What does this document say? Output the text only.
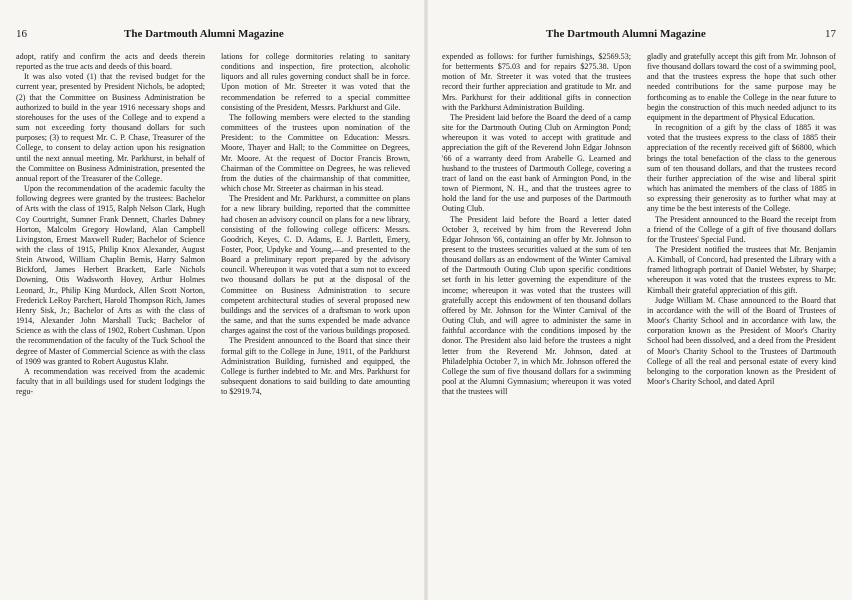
16	The Dartmouth Alumni Magazine

adopt, ratify and confirm the acts and deeds therein reported as the true acts and deeds of this board.

It was also voted (1) that the revised budget for the current year, presented by President Nichols, be adopted; (2) that the Committee on Business Administration be authorized to build in the year 1916 necessary shops and storehouses for the uses of the College and to expend a sum not exceeding forty thousand dollars for such purposes; (3) to request Mr. C. P. Chase, Treasurer of the College, to consent to delay action upon his resignation until the next annual meeting. Mr. Parkhurst, in behalf of the Committee on Business Administration, presented the annual report of the Treasurer of the College.

Upon the recommendation of the academic faculty the following degrees were granted by the trustees: Bachelor of Arts with the class of 1915, Ralph Nelson Clark, Hugh Coy Courtright, Sumner Frank Dennett, Charles Dabney Horton, Malcolm Gregory Howland, Alan Campbell Livingston, Ernest Maxwell Ruder; Bachelor of Science with the class of 1915, Philip Knox Alexander, August Stein Atwood, William Chaplin Bemis, Harry Salmon Bickford, James Herbert Brackett, Earle Nichols Downing, Otis Wadsworth Hovey, Arthur Holmes Leonard, Jr., Philip King Murdock, Allen Scott Norton, Frederick LeRoy Parchert, Harold Thompson Rich, James Henry Sisk, Jr.; Bachelor of Arts as with the class of 1914, Alexander John Marshall Tuck; Bachelor of Science as with the class of 1902, Robert Cushman. Upon the recommendation of the faculty of the Tuck School the degree of Master of Commercial Science as with the class of 1909 was granted to Robert Augustus Klahr.

A recommendation was received from the academic faculty that in all buildings used for student lodgings the regu-

lations for college dormitories relating to sanitary conditions and inspection, fire protection, alcoholic liquors and all rules governing conduct shall be in force. Upon motion of Mr. Streeter it was voted that the recommendation be referred to a special committee consisting of the President, Messrs. Parkhurst and Gile.

The following members were elected to the standing committees of the trustees upon nomination of the President: to the Committee on Education: Messrs. Moore, Thayer and Hall; to the Committee on Degrees, Mr. Moore. At the request of Doctor Francis Brown, Chairman of the Committee on Degrees, he was relieved from the duties of the chairmanship of that committee, which chose Mr. Streeter as chairman in his stead.

The President and Mr. Parkhurst, a committee on plans for a new library building, reported that the committee had chosen an advisory council on plans for a new library, consisting of the following college officers: Messrs. Goodrich, Keyes, C. D. Adams, E. J. Bartlett, Emery, Foster, Poor, Updyke and Young,—and presented to the Board a preliminary report prepared by the advisory council. Whereupon it was voted that a sum not to exceed two thousand dollars be put at the disposal of the Committee on Business Administration to secure competent architectural studies of several proposed new buildings and the services of a draftsman to work upon the same, and that the sums expended be made advance charges against the cost of the various buildings proposed.

The President announced to the Board that since their formal gift to the College in June, 1911, of the Parkhurst Administration Building, furnished and equipped, the College is further indebted to Mr. and Mrs. Parkhurst for subsequent donations to said building to date amounting to $2919.74,

The Dartmouth Alumni Magazine	17

expended as follows: for further furnishings, $2569.53; for betterments $75.03 and for repairs $275.38. Upon motion of Mr. Streeter it was voted that the trustees record their further appreciation and gratitude to Mr. and Mrs. Parkhurst for their additional gifts in connection with the Parkhurst Administration Building.

The President laid before the Board the deed of a camp site for the Dartmouth Outing Club on Armington Pond; whereupon it was voted to accept with gratitude and appreciation the gift of the Reverend John Edgar Johnson '66 of a warranty deed from Arabelle G. Learned and husband to the trustees of Dartmouth College, covering a tract of land on the east bank of Armington Pond, in the town of Piermont, N. H., and that the trustees agree to hold the land for the use and purposes of the Dartmouth Outing Club.

The President laid before the Board a letter dated October 3, received by him from the Reverend John Edgar Johnson '66, containing an offer by Mr. Johnson to present to the trustees securities valued at the sum of ten thousand dollars as an endowment of the Winter Carnival of the Dartmouth Outing Club upon specific conditions set forth in his letter governing the expenditure of the income; whereupon it was voted that the trustees will gratefully accept this endowment of ten thousand dollars offered by Mr. Johnson for the Winter Carnival of the Outing Club, and will agree to administer the same in faithful accordance with the conditions imposed by the donor. The President also laid before the trustees a night letter from the Reverend Mr. Johnson, dated at Philadelphia October 7, in which Mr. Johnson offered the College the sum of five thousand dollars for a swimming pool at the Alumni Gymnasium; whereupon it was voted that the trustees will

gladly and gratefully accept this gift from Mr. Johnson of five thousand dollars toward the cost of a swimming pool, and that the trustees express the hope that such other needed contributions for the same purpose may be forthcoming as to enable the College in the near future to begin the construction of this much needed adjunct to its equipment in the department of Physical Education.

In recognition of a gift by the class of 1885 it was voted that the trustees express to the class of 1885 their appreciation of the recently received gift of $6800, which brings the total benefaction of the class to the generous sum of ten thousand dollars, and that the trustees record their further appreciation of the wise and liberal spirit which has animated the members of the class of 1885 in so expressing their generosity as to further what may at any time be the best interests of the College.

The President announced to the Board the receipt from a friend of the College of a gift of five thousand dollars for the Trustees' Special Fund.

The President notified the trustees that Mr. Benjamin A. Kimball, of Concord, had presented the Library with a framed lithograph portrait of Daniel Webster, by Sharpe; whereupon it was voted that the trustees express to Mr. Kimball their grateful appreciation of this gift.

Judge William M. Chase announced to the Board that in accordance with the will of the Board of Trustees of Moor's Charity School and in accordance with law, the corporation known as the President of Moor's Charity School had been dissolved, and a deed from the President of Moor's Charity School to the Trustees of Dartmouth College of all the real and personal estate of every kind belonging to the corporation known as the President of Moor's Charity School, and dated April
